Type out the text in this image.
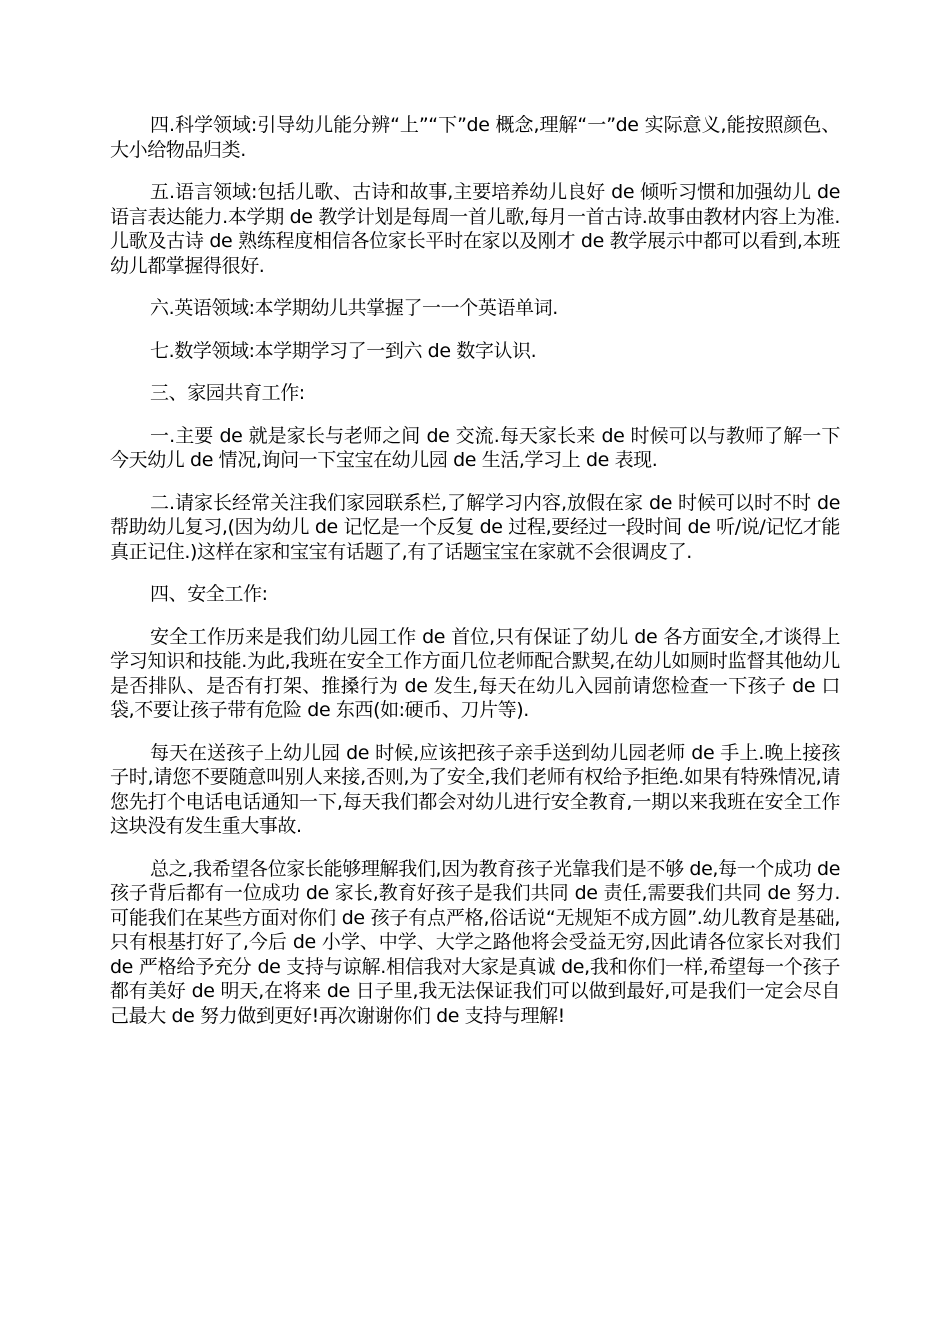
四.科学领域:引导幼儿能分辨“上”“下”de 概念,理解“一”de 实际意义,能按照颜色、大小给物品归类.

五.语言领域:包括儿歌、古诗和故事,主要培养幼儿良好 de 倾听习惯和加强幼儿 de 语言表达能力.本学期 de 教学计划是每周一首儿歌,每月一首古诗.故事由教材内容上为准.儿歌及古诗 de 熟练程度相信各位家长平时在家以及刚才 de 教学展示中都可以看到,本班幼儿都掌握得很好.

六.英语领域:本学期幼儿共掌握了一一个英语单词.

七.数学领域:本学期学习了一到六 de 数字认识.

三、家园共育工作:

一.主要 de 就是家长与老师之间 de 交流.每天家长来 de 时候可以与教师了解一下今天幼儿 de 情况,询问一下宝宝在幼儿园 de 生活,学习上 de 表现.

二.请家长经常关注我们家园联系栏,了解学习内容,放假在家 de 时候可以时不时 de 帮助幼儿复习,(因为幼儿 de 记忆是一个反复 de 过程,要经过一段时间 de 听/说/记忆才能真正记住.)这样在家和宝宝有话题了,有了话题宝宝在家就不会很调皮了.

四、安全工作:

安全工作历来是我们幼儿园工作 de 首位,只有保证了幼儿 de 各方面安全,才谈得上学习知识和技能.为此,我班在安全工作方面几位老师配合默契,在幼儿如厕时监督其他幼儿是否排队、是否有打架、推搡行为 de 发生,每天在幼儿入园前请您检查一下孩子 de 口袋,不要让孩子带有危险 de 东西(如:硬币、刀片等).

每天在送孩子上幼儿园 de 时候,应该把孩子亲手送到幼儿园老师 de 手上.晚上接孩子时,请您不要随意叫别人来接,否则,为了安全,我们老师有权给予拒绝.如果有特殊情况,请您先打个电话电话通知一下,每天我们都会对幼儿进行安全教育,一期以来我班在安全工作这块没有发生重大事故.

总之,我希望各位家长能够理解我们,因为教育孩子光靠我们是不够 de,每一个成功 de 孩子背后都有一位成功 de 家长,教育好孩子是我们共同 de 责任,需要我们共同 de 努力.可能我们在某些方面对你们 de 孩子有点严格,俗话说“无规矩不成方圆”.幼儿教育是基础,只有根基打好了,今后 de 小学、中学、大学之路他将会受益无穷,因此请各位家长对我们 de 严格给予充分 de 支持与谅解.相信我对大家是真诚 de,我和你们一样,希望每一个孩子都有美好 de 明天,在将来 de 日子里,我无法保证我们可以做到最好,可是我们一定会尽自己最大 de 努力做到更好!再次谢谢你们 de 支持与理解!
